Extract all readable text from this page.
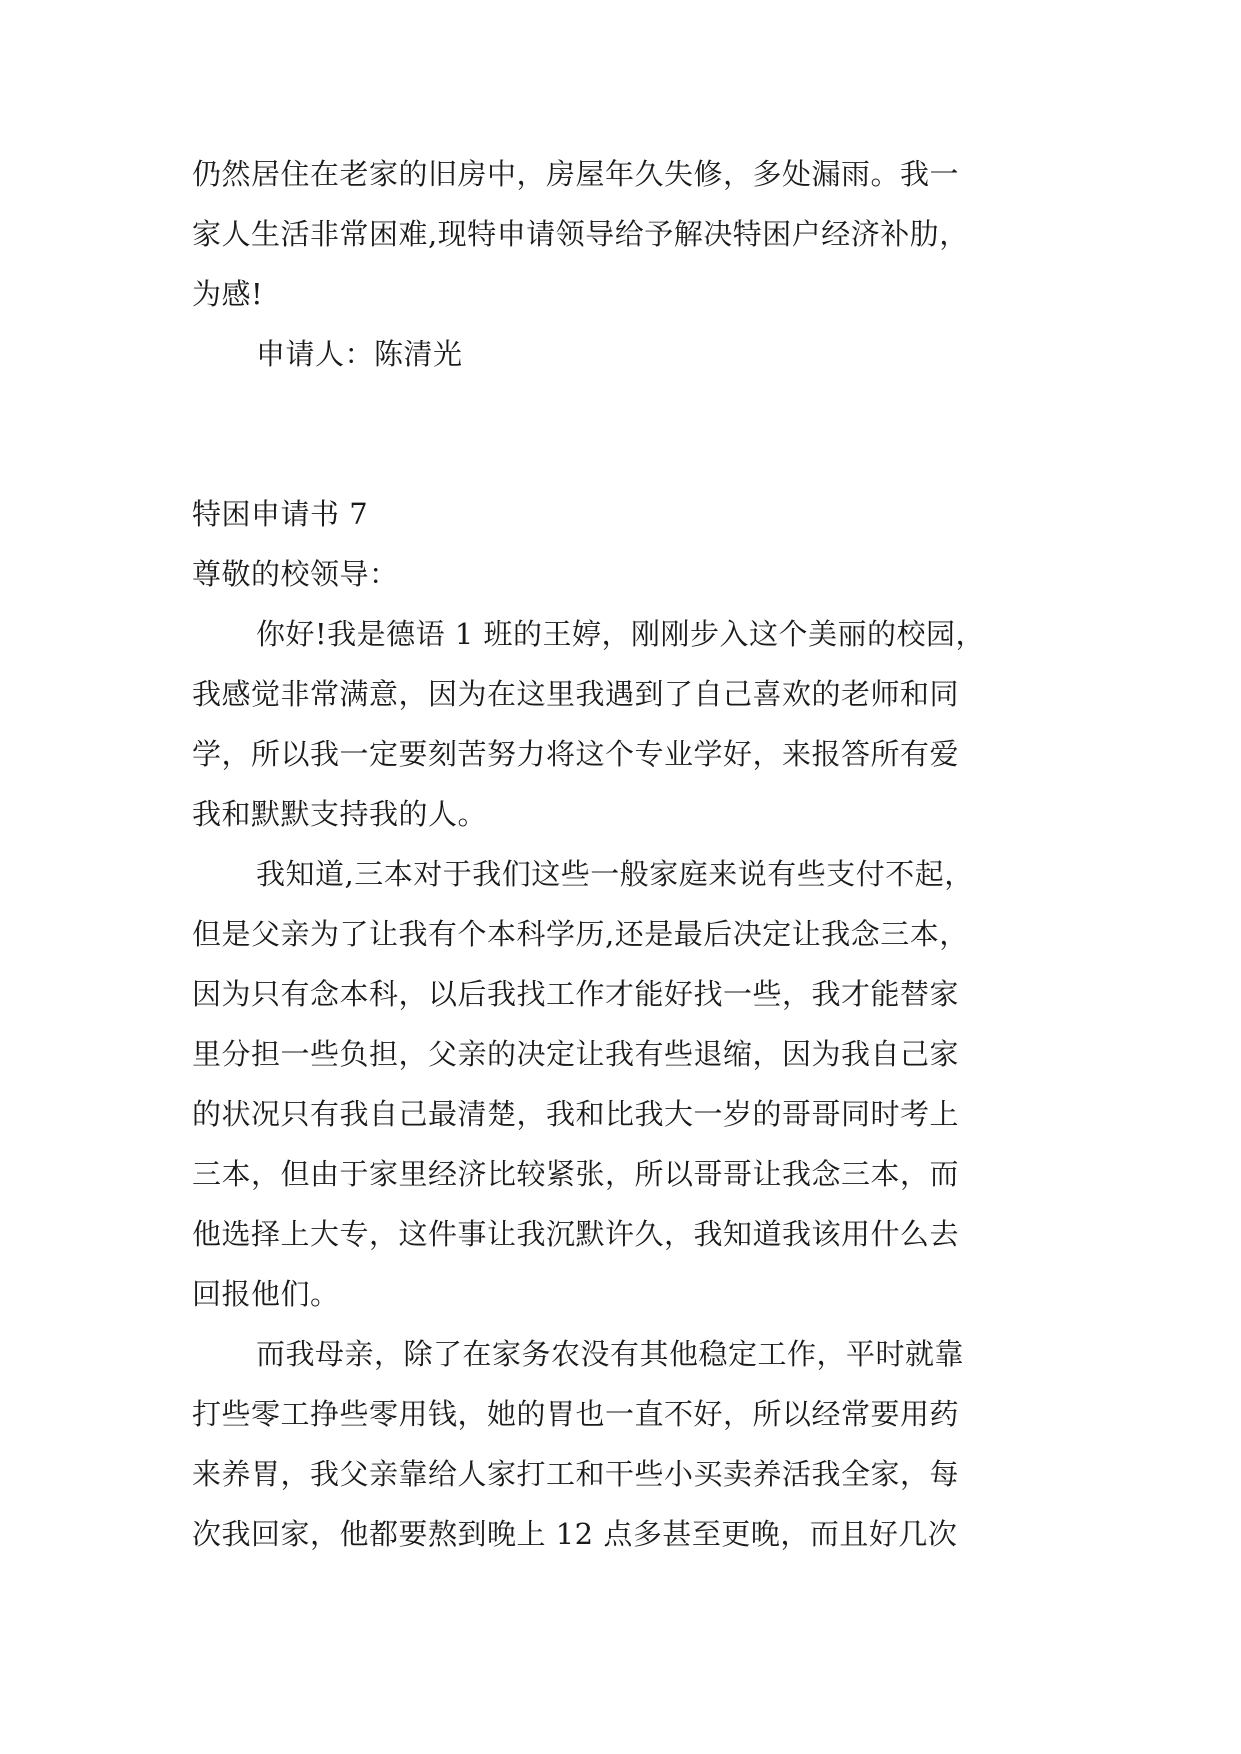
仍然居住在老家的旧房中，房屋年久失修，多处漏雨。我一

家人生活非常困难,现特申请领导给予解决特困户经济补肋，

为感!

申请人：陈清光

特困申请书 7

尊敬的校领导：

你好!我是德语 1 班的王婷，刚刚步入这个美丽的校园，

我感觉非常满意，因为在这里我遇到了自己喜欢的老师和同

学，所以我一定要刻苦努力将这个专业学好，来报答所有爱

我和默默支持我的人。

我知道,三本对于我们这些一般家庭来说有些支付不起，

但是父亲为了让我有个本科学历,还是最后决定让我念三本，

因为只有念本科，以后我找工作才能好找一些，我才能替家

里分担一些负担，父亲的决定让我有些退缩，因为我自己家

的状况只有我自己最清楚，我和比我大一岁的哥哥同时考上

三本，但由于家里经济比较紧张，所以哥哥让我念三本，而

他选择上大专，这件事让我沉默许久，我知道我该用什么去

回报他们。

而我母亲，除了在家务农没有其他稳定工作，平时就靠

打些零工挣些零用钱，她的胃也一直不好，所以经常要用药

来养胃，我父亲靠给人家打工和干些小买卖养活我全家，每

次我回家，他都要熬到晚上 12 点多甚至更晚，而且好几次
